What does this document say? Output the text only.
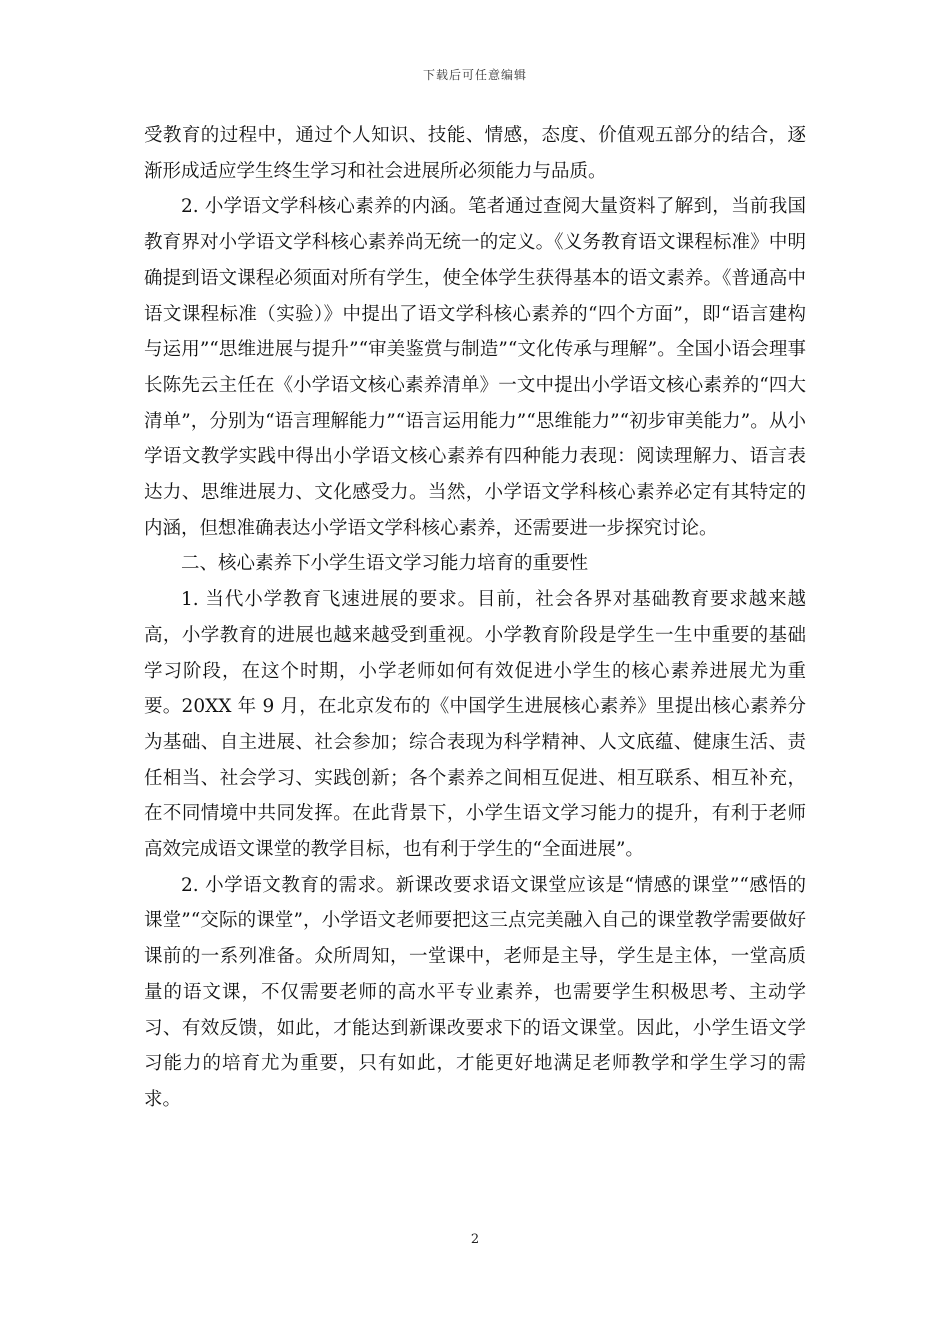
下载后可任意编辑

受教育的过程中，通过个人知识、技能、情感，态度、价值观五部分的结合，逐渐形成适应学生终生学习和社会进展所必须能力与品质。

2. 小学语文学科核心素养的内涵。笔者通过查阅大量资料了解到，当前我国教育界对小学语文学科核心素养尚无统一的定义。《义务教育语文课程标准》中明确提到语文课程必须面对所有学生，使全体学生获得基本的语文素养。《普通高中语文课程标准（实验）》中提出了语文学科核心素养的“四个方面”，即“语言建构与运用”“思维进展与提升”“审美鉴赏与制造”“文化传承与理解”。全国小语会理事长陈先云主任在《小学语文核心素养清单》一文中提出小学语文核心素养的“四大清单”，分别为“语言理解能力”“语言运用能力”“思维能力”“初步审美能力”。从小学语文教学实践中得出小学语文核心素养有四种能力表现：阅读理解力、语言表达力、思维进展力、文化感受力。当然，小学语文学科核心素养必定有其特定的内涵，但想准确表达小学语文学科核心素养，还需要进一步探究讨论。

二、核心素养下小学生语文学习能力培育的重要性

1. 当代小学教育飞速进展的要求。目前，社会各界对基础教育要求越来越高，小学教育的进展也越来越受到重视。小学教育阶段是学生一生中重要的基础学习阶段，在这个时期，小学老师如何有效促进小学生的核心素养进展尤为重要。20XX 年 9 月，在北京发布的《中国学生进展核心素养》里提出核心素养分为基础、自主进展、社会参加；综合表现为科学精神、人文底蕴、健康生活、责任相当、社会学习、实践创新；各个素养之间相互促进、相互联系、相互补充，在不同情境中共同发挥。在此背景下，小学生语文学习能力的提升，有利于老师高效完成语文课堂的教学目标，也有利于学生的“全面进展”。

2. 小学语文教育的需求。新课改要求语文课堂应该是“情感的课堂”“感悟的课堂”“交际的课堂”，小学语文老师要把这三点完美融入自己的课堂教学需要做好课前的一系列准备。众所周知，一堂课中，老师是主导，学生是主体，一堂高质量的语文课，不仅需要老师的高水平专业素养，也需要学生积极思考、主动学习、有效反馈，如此，才能达到新课改要求下的语文课堂。因此，小学生语文学习能力的培育尤为重要，只有如此，才能更好地满足老师教学和学生学习的需求。

2
